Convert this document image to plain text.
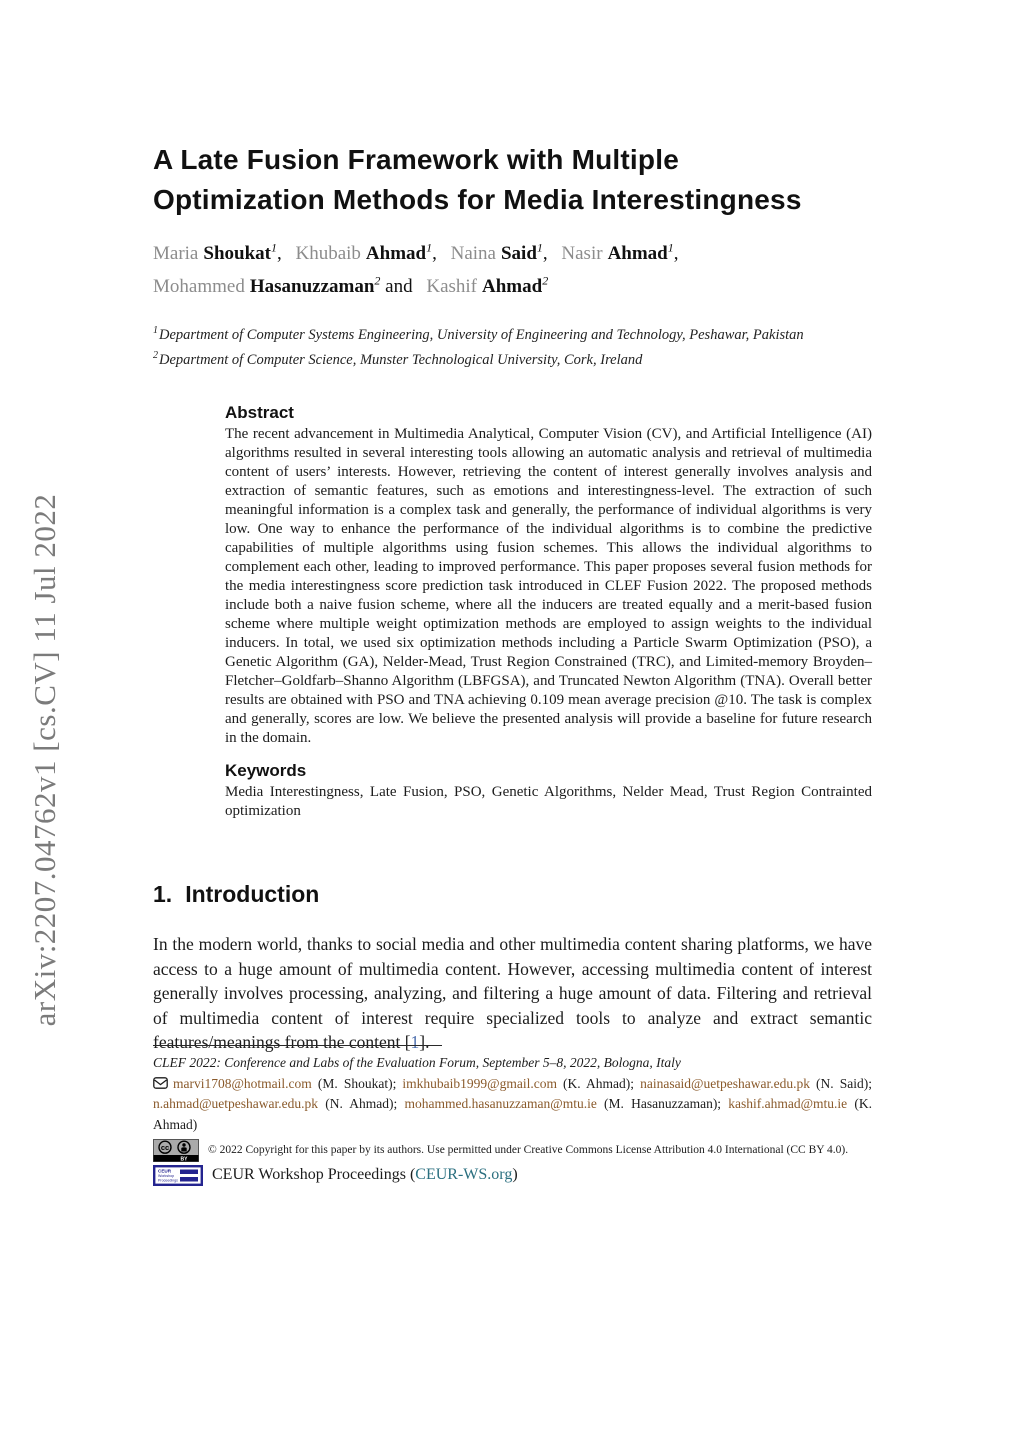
arXiv:2207.04762v1 [cs.CV] 11 Jul 2022
A Late Fusion Framework with Multiple
Optimization Methods for Media Interestingness

Maria Shoukat$^1$, Khubaib Ahmad$^1$, Naina Said$^1$, Nasir Ahmad$^1$,
Mohammed Hasanuzzaman$^2$ and Kashif Ahmad$^2$

$^1$Department of Computer Systems Engineering, University of Engineering and Technology, Peshawar, Pakistan

$^2$Department of Computer Science, Munster Technological University, Cork, Ireland

Abstract

The recent advancement in Multimedia Analytical, Computer Vision (CV), and Artificial Intelligence (AI) algorithms resulted in several interesting tools allowing an automatic analysis and retrieval of multimedia content of users’ interests. However, retrieving the content of interest generally involves analysis and extraction of semantic features, such as emotions and interestingness-level. The extraction of such meaningful information is a complex task and generally, the performance of individual algorithms is very low. One way to enhance the performance of the individual algorithms is to combine the predictive capabilities of multiple algorithms using fusion schemes. This allows the individual algorithms to complement each other, leading to improved performance. This paper proposes several fusion methods for the media interestingness score prediction task introduced in CLEF Fusion 2022. The proposed methods include both a naive fusion scheme, where all the inducers are treated equally and a merit-based fusion scheme where multiple weight optimization methods are employed to assign weights to the individual inducers. In total, we used six optimization methods including a Particle Swarm Optimization (PSO), a Genetic Algorithm (GA), Nelder-Mead, Trust Region Constrained (TRC), and Limited-memory Broyden–Fletcher–Goldfarb–Shanno Algorithm (LBFGSA), and Truncated Newton Algorithm (TNA). Overall better results are obtained with PSO and TNA achieving 0.109 mean average precision @10. The task is complex and generally, scores are low. We believe the presented analysis will provide a baseline for future research in the domain.

Keywords

Media Interestingness, Late Fusion, PSO, Genetic Algorithms, Nelder Mead, Trust Region Contrainted optimization

1. Introduction

In the modern world, thanks to social media and other multimedia content sharing platforms, we have access to a huge amount of multimedia content. However, accessing multimedia content of interest generally involves processing, analyzing, and filtering a huge amount of data. Filtering and retrieval of multimedia content of interest require specialized tools to analyze and extract semantic features/meanings from the content [1].

CLEF 2022: Conference and Labs of the Evaluation Forum, September 5–8, 2022, Bologna, Italy

marvi1708@hotmail.com (M. Shoukat); imkhubaib1999@gmail.com (K. Ahmad); nainasaid@uetpeshawar.edu.pk (N. Said); n.ahmad@uetpeshawar.edu.pk (N. Ahmad); mohammed.hasanuzzaman@mtu.ie (M. Hasanuzzaman); kashif.ahmad@mtu.ie (K. Ahmad)

cc
BY
© 2022 Copyright for this paper by its authors. Use permitted under Creative Commons License Attribution 4.0 International (CC BY 4.0).
CEUR
Workshop
Proceedings CEUR Workshop Proceedings (CEUR-WS.org)
